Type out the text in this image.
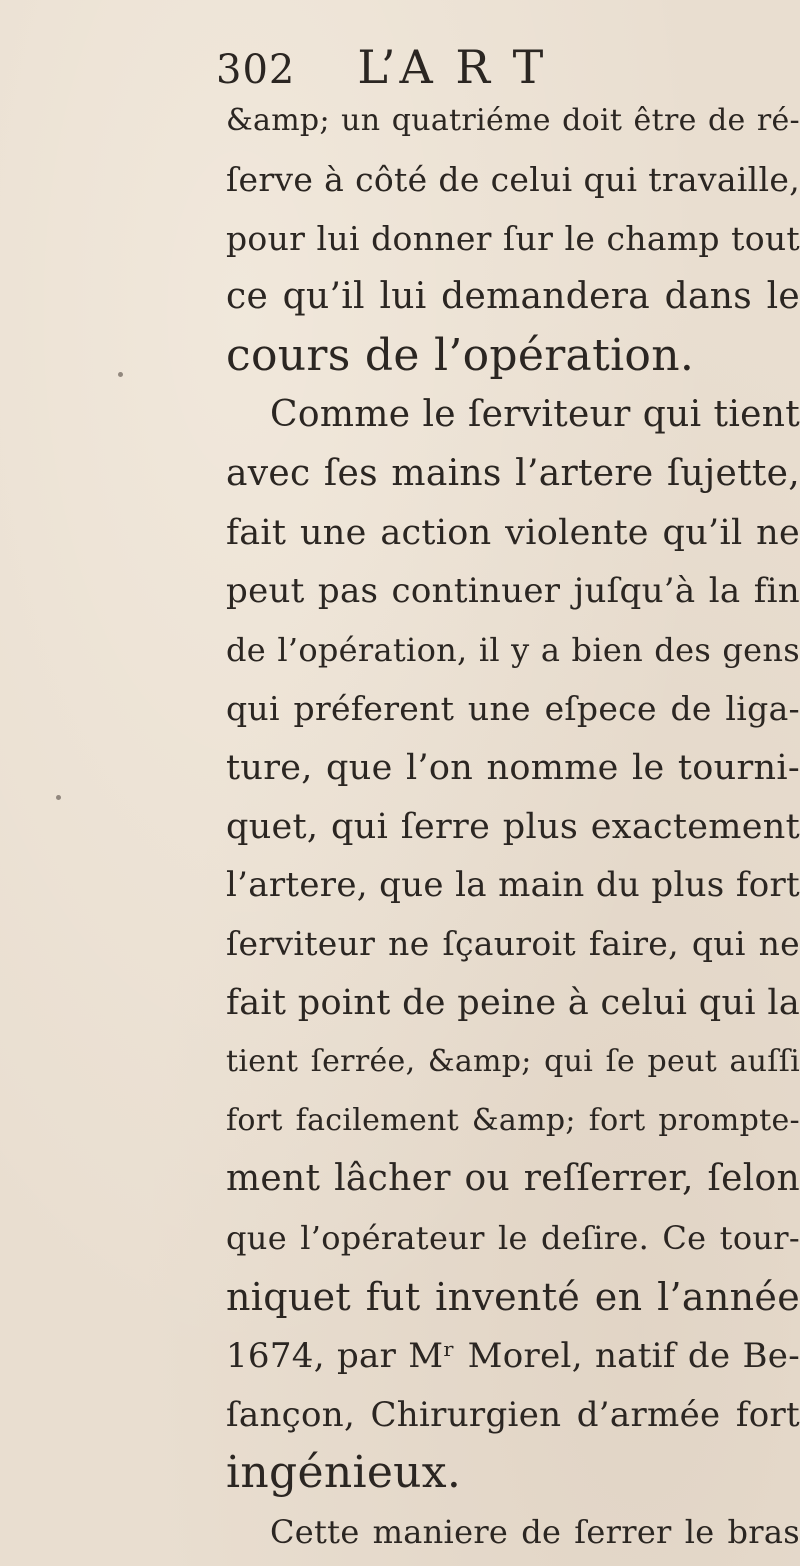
302 L’A R T
&amp; un quatriéme doit être de ré-
ſerve à côté de celui qui travaille,
pour lui donner ſur le champ tout
ce qu’il lui demandera dans le
cours de l’opération.
Comme le ſerviteur qui tient
avec ſes mains l’artere ſujette,
fait une action violente qu’il ne
peut pas continuer juſqu’à la fin
de l’opération, il y a bien des gens
qui préferent une eſpece de liga-
ture, que l’on nomme le tourni-
quet, qui ſerre plus exactement
l’artere, que la main du plus fort
ſerviteur ne ſçauroit faire, qui ne
fait point de peine à celui qui la
tient ſerrée, &amp; qui ſe peut auſſi
fort facilement &amp; fort prompte-
ment lâcher ou reſſerrer, ſelon
que l’opérateur le deſire. Ce tour-
niquet fut inventé en l’année
1674, par Mʳ Morel, natif de Be-
ſançon, Chirurgien d’armée fort
ingénieux.
Cette maniere de ſerrer le bras
